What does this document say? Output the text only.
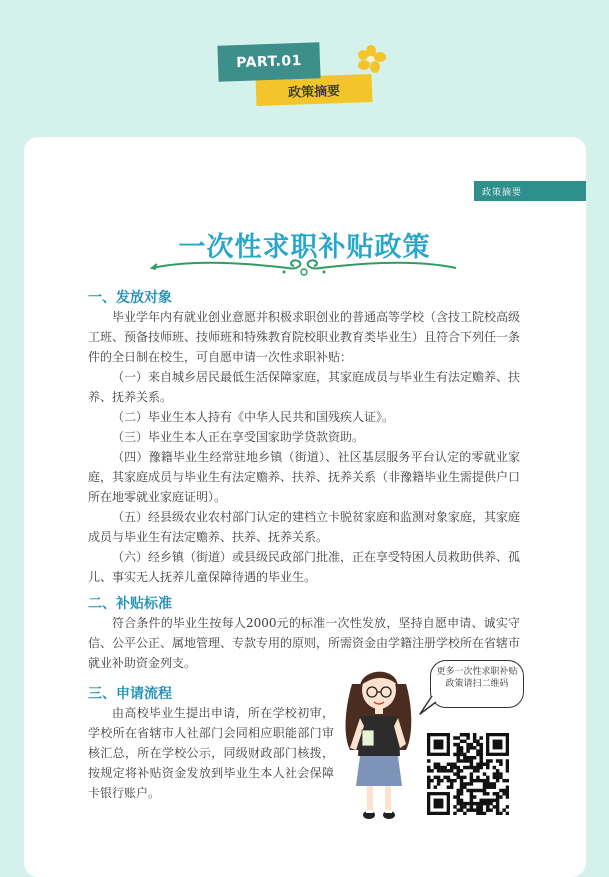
PART.01
政策摘要
政策摘要
一次性求职补贴政策
一、发放对象

毕业学年内有就业创业意愿并积极求职创业的普通高等学校（含技工院校高级工班、预备技师班、技师班和特殊教育院校职业教育类毕业生）且符合下列任一条件的全日制在校生，可自愿申请一次性求职补贴：

（一）来自城乡居民最低生活保障家庭，其家庭成员与毕业生有法定赡养、扶养、抚养关系。

（二）毕业生本人持有《中华人民共和国残疾人证》。

（三）毕业生本人正在享受国家助学贷款资助。

（四）豫籍毕业生经常驻地乡镇（街道）、社区基层服务平台认定的零就业家庭，其家庭成员与毕业生有法定赡养、扶养、抚养关系（非豫籍毕业生需提供户口所在地零就业家庭证明）。

（五）经县级农业农村部门认定的建档立卡脱贫家庭和监测对象家庭，其家庭成员与毕业生有法定赡养、扶养、抚养关系。

（六）经乡镇（街道）或县级民政部门批准，正在享受特困人员救助供养、孤儿、事实无人抚养儿童保障待遇的毕业生。

二、补贴标准

符合条件的毕业生按每人2000元的标准一次性发放，坚持自愿申请、诚实守信、公平公正、属地管理、专款专用的原则，所需资金由学籍注册学校所在省辖市就业补助资金列支。

三、申请流程

由高校毕业生提出申请，所在学校初审，学校所在省辖市人社部门会同相应职能部门审核汇总，所在学校公示，同级财政部门核拨，按规定将补贴资金发放到毕业生本人社会保障卡银行账户。

更多一次性求职补贴政策请扫二维码
